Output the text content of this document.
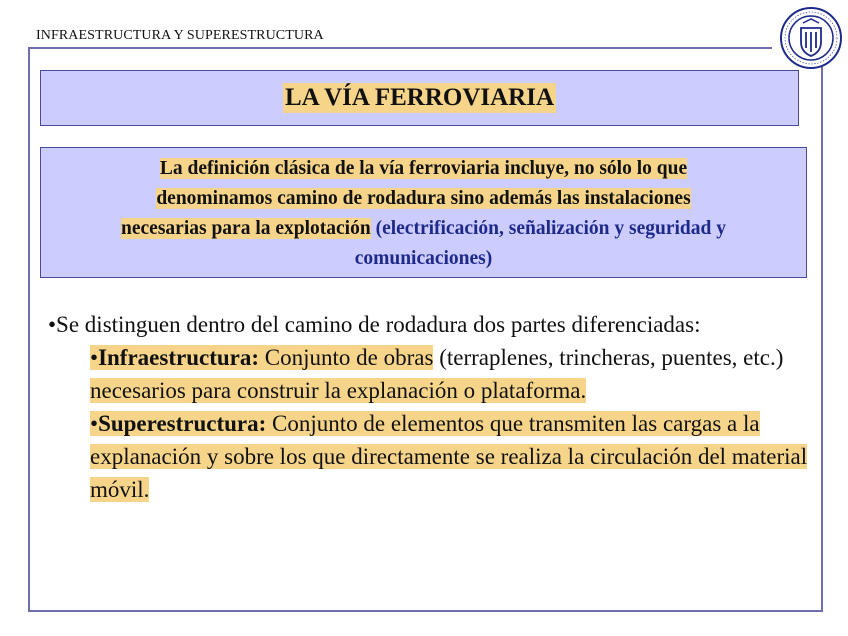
INFRAESTRUCTURA Y SUPERESTRUCTURA
LA VÍA FERROVIARIA
La definición clásica de la vía ferroviaria incluye, no sólo lo que
denominamos camino de rodadura sino además las instalaciones
necesarias para la explotación (electrificación, señalización y seguridad y comunicaciones)
•Se distinguen dentro del camino de rodadura dos partes diferenciadas:
•Infraestructura: Conjunto de obras (terraplenes, trincheras, puentes, etc.) necesarios para construir la explanación o plataforma.
•Superestructura: Conjunto de elementos que transmiten las cargas a la explanación y sobre los que directamente se realiza la circulación del material móvil.
